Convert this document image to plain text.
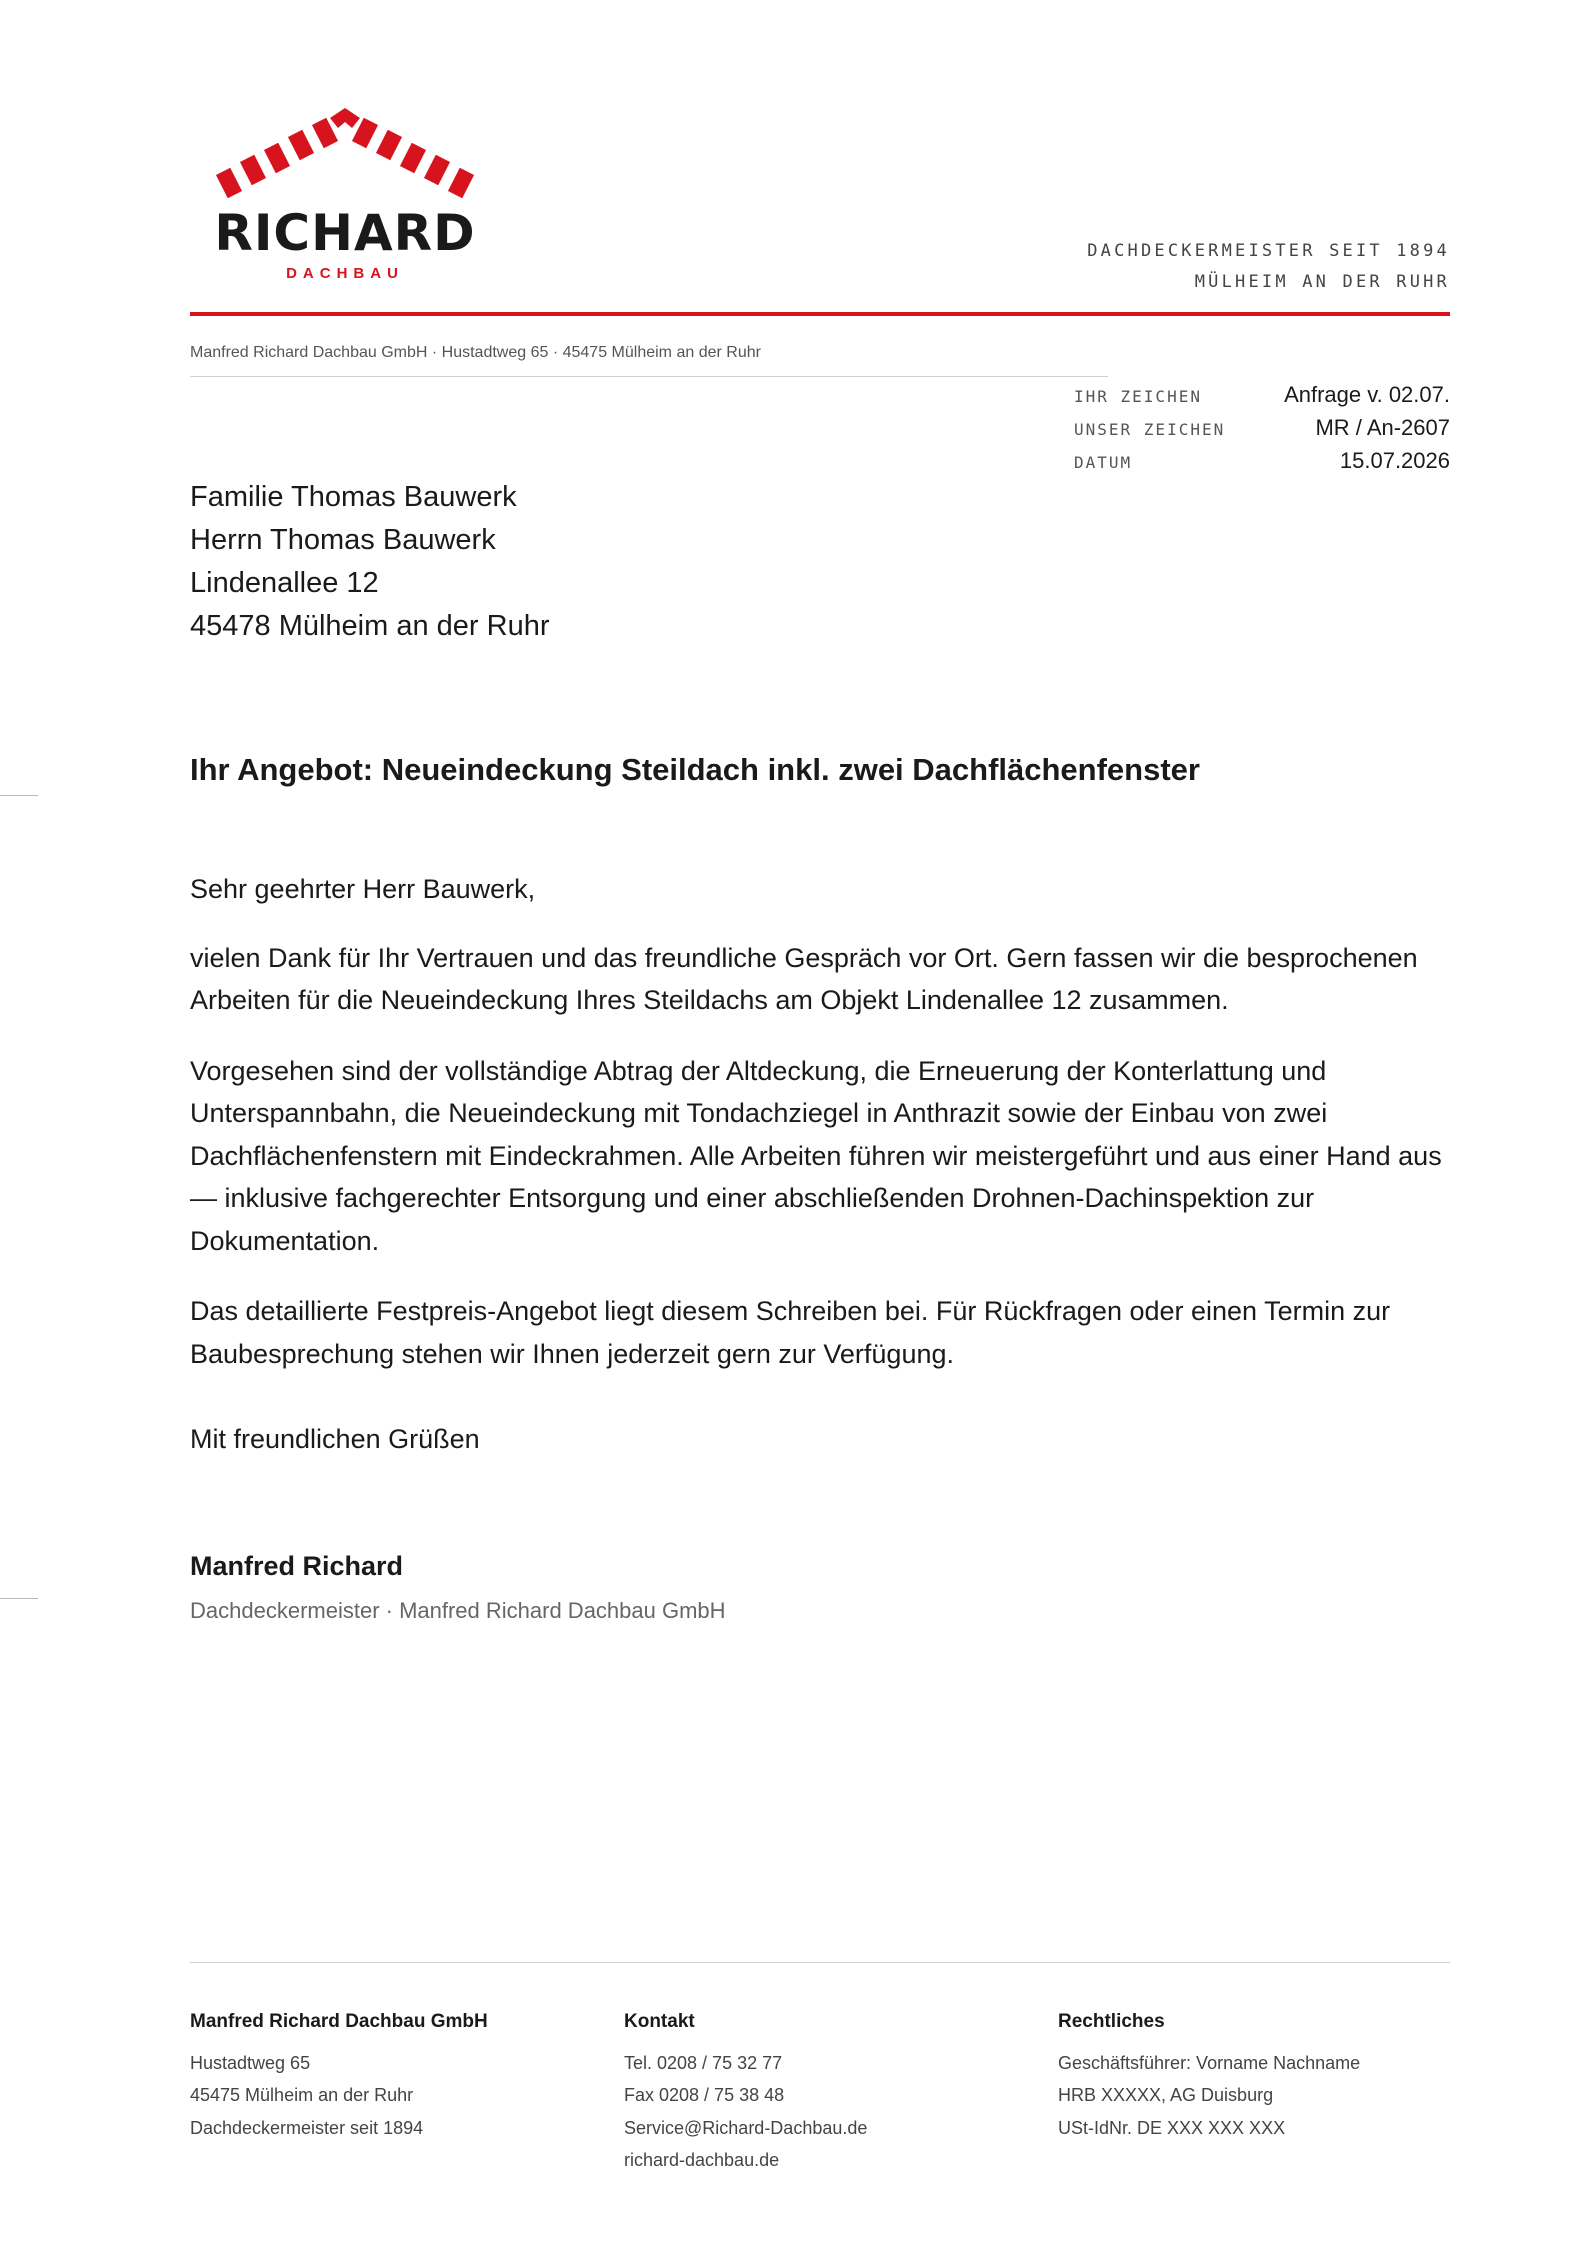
RICHARD
DACHBAU
DACHDECKERMEISTER SEIT 1894
MÜLHEIM AN DER RUHR
Manfred Richard Dachbau GmbH · Hustadtweg 65 · 45475 Mülheim an der Ruhr
IHR ZEICHEN	Anfrage v. 02.07.
UNSER ZEICHEN	MR / An-2607
DATUM	15.07.2026
Familie Thomas Bauwerk
Herrn Thomas Bauwerk
Lindenallee 12
45478 Mülheim an der Ruhr
Ihr Angebot: Neueindeckung Steildach inkl. zwei Dachflächenfenster

Sehr geehrter Herr Bauwerk,

vielen Dank für Ihr Vertrauen und das freundliche Gespräch vor Ort. Gern fassen wir die besprochenen Arbeiten für die Neueindeckung Ihres Steildachs am Objekt Lindenallee 12 zusammen.

Vorgesehen sind der vollständige Abtrag der Altdeckung, die Erneuerung der Konterlattung und Unterspannbahn, die Neueindeckung mit Tondachziegel in Anthrazit sowie der Einbau von zwei Dachflächenfenstern mit Eindeckrahmen. Alle Arbeiten führen wir meistergeführt und aus einer Hand aus — inklusive fachgerechter Entsorgung und einer abschließenden Drohnen-Dachinspektion zur Dokumentation.

Das detaillierte Festpreis-Angebot liegt diesem Schreiben bei. Für Rückfragen oder einen Termin zur Baubesprechung stehen wir Ihnen jederzeit gern zur Verfügung.

Mit freundlichen Grüßen
Manfred Richard
Dachdeckermeister · Manfred Richard Dachbau GmbH
Manfred Richard Dachbau GmbH
Hustadtweg 65
45475 Mülheim an der Ruhr
Dachdeckermeister seit 1894
Kontakt
Tel. 0208 / 75 32 77
Fax 0208 / 75 38 48
Service@Richard-Dachbau.de
richard-dachbau.de
Rechtliches
Geschäftsführer: Vorname Nachname
HRB XXXXX, AG Duisburg
USt-IdNr. DE XXX XXX XXX
